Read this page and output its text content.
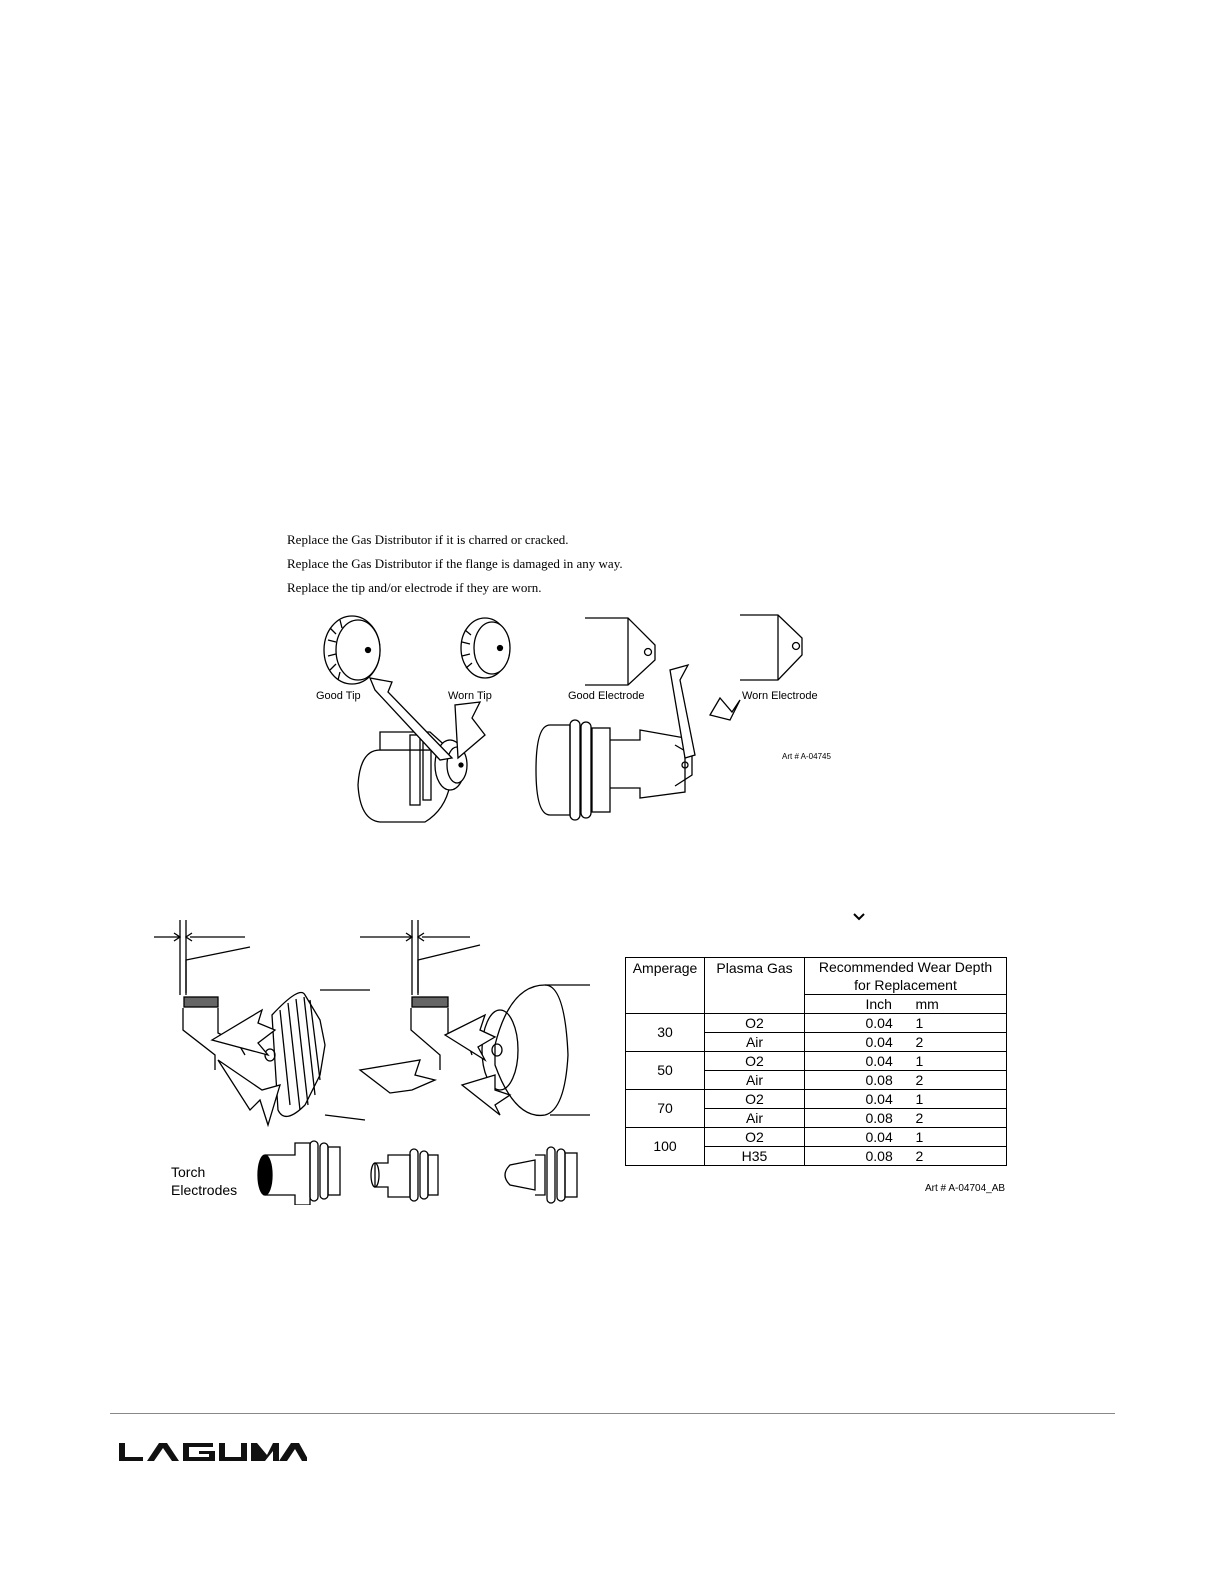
Replace the Gas Distributor if it is charred or cracked.
Replace the Gas Distributor if the flange is damaged in any way.
Replace the tip and/or electrode if they are worn.
Good Tip	Worn Tip	Good Electrode	Worn Electrode
Art # A-04745
Torch
Electrodes
Amperage	Plasma Gas	Recommended Wear Depth
for Replacement

		Inch mm

30	O2	0.04 1

	Air	0.04 2

50	O2	0.04 1

	Air	0.08 2

70	O2	0.04 1

	Air	0.08 2

100	O2	0.04 1

	H35	0.08 2
Art # A-04704_AB
